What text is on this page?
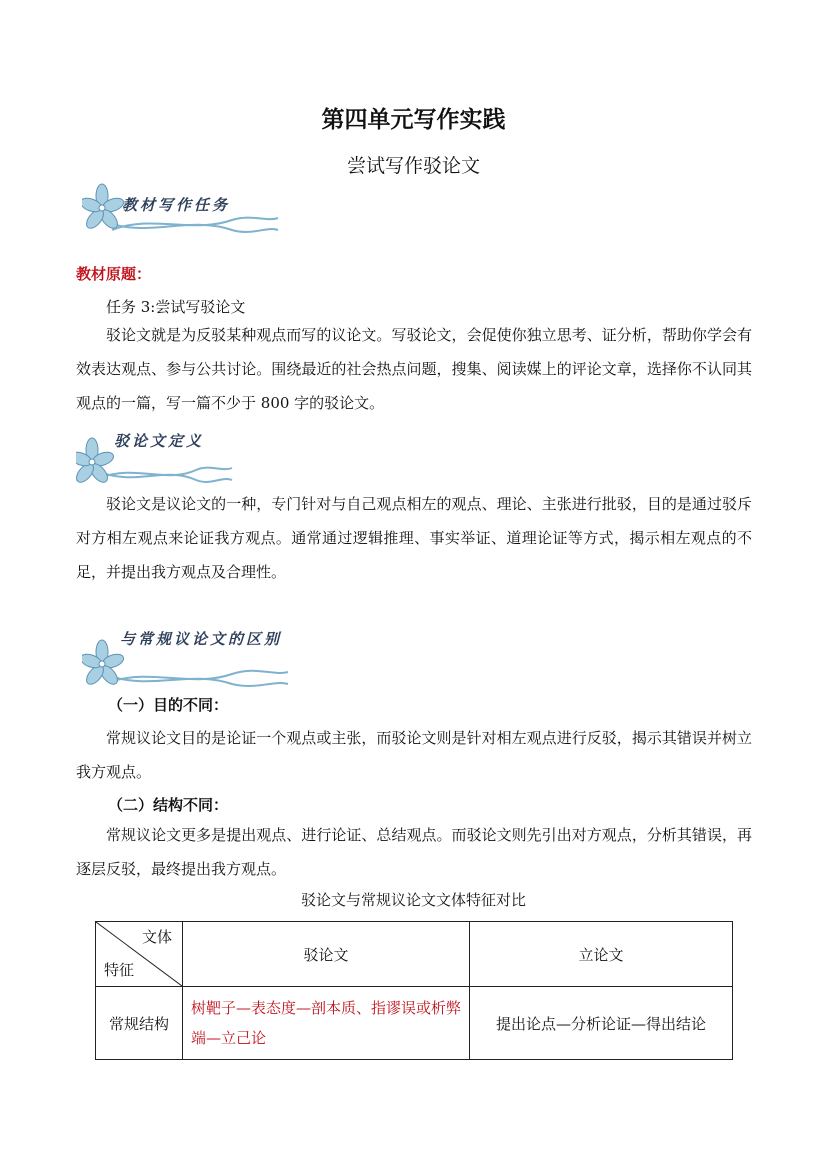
第四单元写作实践
尝试写作驳论文
教材写作任务
教材原题：
任务 3:尝试写驳论文

驳论文就是为反驳某种观点而写的议论文。写驳论文，会促使你独立思考、证分析，帮助你学会有效表达观点、参与公共讨论。围绕最近的社会热点问题，搜集、阅读媒上的评论文章，选择你不认同其观点的一篇，写一篇不少于 800 字的驳论文。

驳论文定义

驳论文是议论文的一种，专门针对与自己观点相左的观点、理论、主张进行批驳，目的是通过驳斥对方相左观点来论证我方观点。通常通过逻辑推理、事实举证、道理论证等方式，揭示相左观点的不足，并提出我方观点及合理性。

与常规议论文的区别
（一）目的不同：

常规议论文目的是论证一个观点或主张，而驳论文则是针对相左观点进行反驳，揭示其错误并树立我方观点。

（二）结构不同：

常规议论文更多是提出观点、进行论证、总结观点。而驳论文则先引出对方观点，分析其错误，再逐层反驳，最终提出我方观点。

驳论文与常规议论文文体特征对比
文体
特征	驳论文	立论文
常规结构	树靶子—表态度—剖本质、指谬误或析弊端—立己论	提出论点—分析论证—得出结论
